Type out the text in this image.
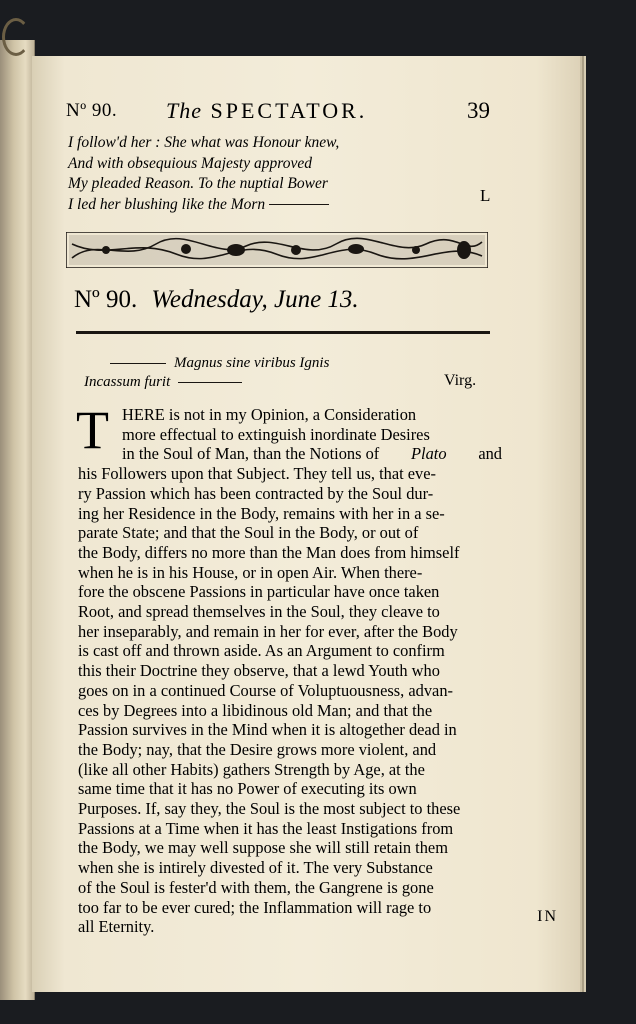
Nº 90. The SPECTATOR.	39
I follow'd her : She what was Honour knew,
And with obsequious Majesty approved
My pleaded Reason. To the nuptial Bower
I led her blushing like the Morn	L
Nº 90. Wednesday, June 13.
Magnus sine viribus Ignis
Incassum furit	Virg.
T HERE is not in my Opinion, a Consideration
more effectual to extinguish inordinate Desires
in the Soul of Man, than the Notions of Plato and
his Followers upon that Subject. They tell us, that eve-
ry Passion which has been contracted by the Soul dur-
ing her Residence in the Body, remains with her in a se-
parate State; and that the Soul in the Body, or out of
the Body, differs no more than the Man does from himself
when he is in his House, or in open Air. When there-
fore the obscene Passions in particular have once taken
Root, and spread themselves in the Soul, they cleave to
her inseparably, and remain in her for ever, after the Body
is cast off and thrown aside. As an Argument to confirm
this their Doctrine they observe, that a lewd Youth who
goes on in a continued Course of Voluptuousness, advan-
ces by Degrees into a libidinous old Man; and that the
Passion survives in the Mind when it is altogether dead in
the Body; nay, that the Desire grows more violent, and
(like all other Habits) gathers Strength by Age, at the
same time that it has no Power of executing its own
Purposes. If, say they, the Soul is the most subject to these
Passions at a Time when it has the least Instigations from
the Body, we may well suppose she will still retain them
when she is intirely divested of it. The very Substance
of the Soul is fester'd with them, the Gangrene is gone
too far to be ever cured; the Inflammation will rage to
all Eternity.
IN
